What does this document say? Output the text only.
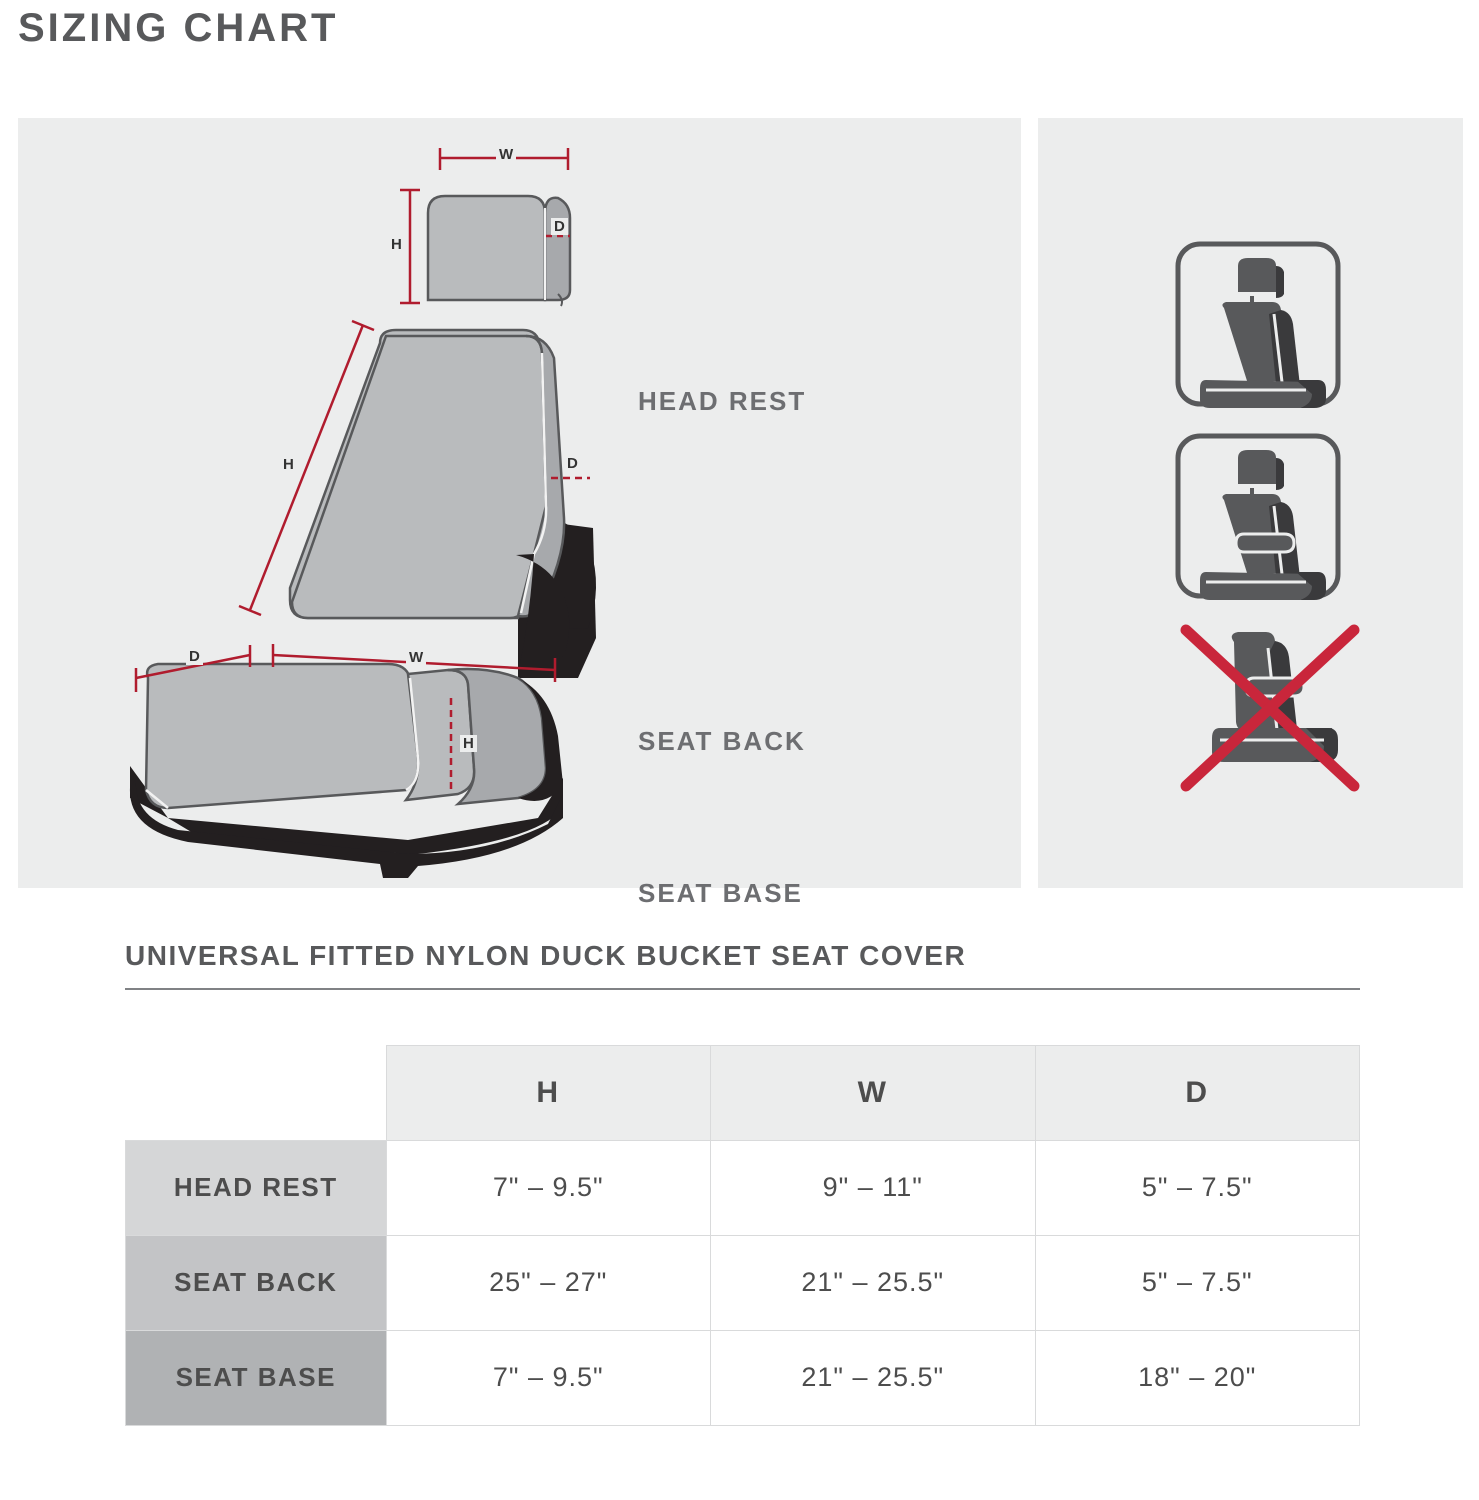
SIZING CHART
W
H
D
H	D
D	W
H
HEAD REST
SEAT BACK
SEAT BASE
UNIVERSAL FITTED NYLON DUCK BUCKET SEAT COVER
	H	W	D
HEAD REST	7" – 9.5"	9" – 11"	5" – 7.5"
SEAT BACK	25" – 27"	21" – 25.5"	5" – 7.5"
SEAT BASE	7" – 9.5"	21" – 25.5"	18" – 20"
